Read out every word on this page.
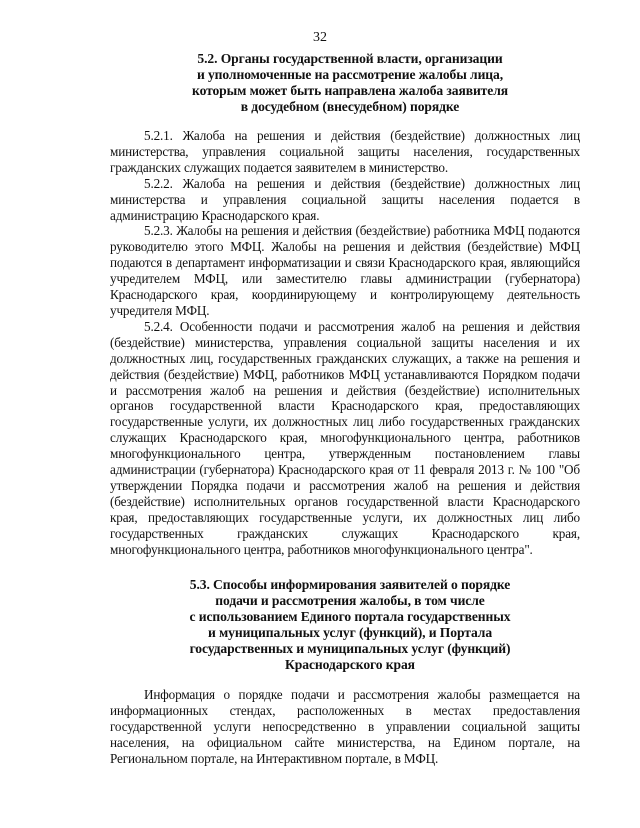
32
5.2. Органы государственной власти, организации
и уполномоченные на рассмотрение жалобы лица,
которым может быть направлена жалоба заявителя
в досудебном (внесудебном) порядке

5.2.1. Жалоба на решения и действия (бездействие) должностных лиц министерства, управления социальной защиты населения, государственных гражданских служащих подается заявителем в министерство.

5.2.2. Жалоба на решения и действия (бездействие) должностных лиц министерства и управления социальной защиты населения подается в администрацию Краснодарского края.

5.2.3. Жалобы на решения и действия (бездействие) работника МФЦ подаются руководителю этого МФЦ. Жалобы на решения и действия (бездействие) МФЦ подаются в департамент информатизации и связи Краснодарского края, являющийся учредителем МФЦ, или заместителю главы администрации (губернатора) Краснодарского края, координирующему и контролирующему деятельность учредителя МФЦ.

5.2.4. Особенности подачи и рассмотрения жалоб на решения и действия (бездействие) министерства, управления социальной защиты населения и их должностных лиц, государственных гражданских служащих, а также на решения и действия (бездействие) МФЦ, работников МФЦ устанавливаются Порядком подачи и рассмотрения жалоб на решения и действия (бездействие) исполнительных органов государственной власти Краснодарского края, предоставляющих государственные услуги, их должностных лиц либо государственных гражданских служащих Краснодарского края, многофункционального центра, работников многофункционального центра, утвержденным постановлением главы администрации (губернатора) Краснодарского края от 11 февраля 2013 г. № 100 "Об утверждении Порядка подачи и рассмотрения жалоб на решения и действия (бездействие) исполнительных органов государственной власти Краснодарского края, предоставляющих государственные услуги, их должностных лиц либо государственных гражданских служащих Краснодарского края, многофункционального центра, работников многофункционального центра".

5.3. Способы информирования заявителей о порядке
подачи и рассмотрения жалобы, в том числе
с использованием Единого портала государственных
и муниципальных услуг (функций), и Портала
государственных и муниципальных услуг (функций)
Краснодарского края

Информация о порядке подачи и рассмотрения жалобы размещается на информационных стендах, расположенных в местах предоставления государственной услуги непосредственно в управлении социальной защиты населения, на официальном сайте министерства, на Едином портале, на Региональном портале, на Интерактивном портале, в МФЦ.
